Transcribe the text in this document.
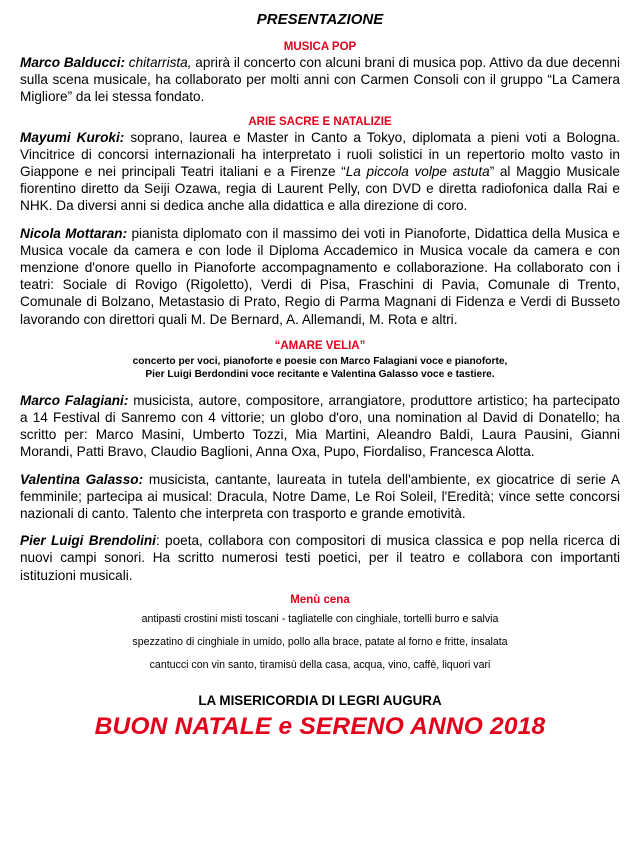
PRESENTAZIONE
MUSICA POP

Marco Balducci: chitarrista, aprirà il concerto con alcuni brani di musica pop. Attivo da due decenni sulla scena musicale, ha collaborato per molti anni con Carmen Consoli con il gruppo “La Camera Migliore” da lei stessa fondato.

ARIE SACRE E NATALIZIE

Mayumi Kuroki: soprano, laurea e Master in Canto a Tokyo, diplomata a pieni voti a Bologna. Vincitrice di concorsi internazionali ha interpretato i ruoli solistici in un repertorio molto vasto in Giappone e nei principali Teatri italiani e a Firenze “La piccola volpe astuta” al Maggio Musicale fiorentino diretto da Seiji Ozawa, regia di Laurent Pelly, con DVD e diretta radiofonica dalla Rai e NHK. Da diversi anni si dedica anche alla didattica e alla direzione di coro.

Nicola Mottaran: pianista diplomato con il massimo dei voti in Pianoforte, Didattica della Musica e Musica vocale da camera e con lode il Diploma Accademico in Musica vocale da camera e con menzione d'onore quello in Pianoforte accompagnamento e collaborazione. Ha collaborato con i teatri: Sociale di Rovigo (Rigoletto), Verdi di Pisa, Fraschini di Pavia, Comunale di Trento, Comunale di Bolzano, Metastasio di Prato, Regio di Parma Magnani di Fidenza e Verdi di Busseto lavorando con direttori quali M. De Bernard, A. Allemandi, M. Rota e altri.

“AMARE VELIA”
concerto per voci, pianoforte e poesie con Marco Falagiani voce e pianoforte,
Pier Luigi Berdondini voce recitante e Valentina Galasso voce e tastiere.

Marco Falagiani: musicista, autore, compositore, arrangiatore, produttore artistico; ha partecipato a 14 Festival di Sanremo con 4 vittorie; un globo d'oro, una nomination al David di Donatello; ha scritto per: Marco Masini, Umberto Tozzi, Mia Martini, Aleandro Baldi, Laura Pausini, Gianni Morandi, Patti Bravo, Claudio Baglioni, Anna Oxa, Pupo, Fiordaliso, Francesca Alotta.

Valentina Galasso: musicista, cantante, laureata in tutela dell'ambiente, ex giocatrice di serie A femminile; partecipa ai musical: Dracula, Notre Dame, Le Roi Soleil, l'Eredità; vince sette concorsi nazionali di canto. Talento che interpreta con trasporto e grande emotività.

Pier Luigi Brendolini: poeta, collabora con compositori di musica classica e pop nella ricerca di nuovi campi sonori. Ha scritto numerosi testi poetici, per il teatro e collabora con importanti istituzioni musicali.

Menù cena
antipasti crostini misti toscani - tagliatelle con cinghiale, tortelli burro e salvia
spezzatino di cinghiale in umido, pollo alla brace, patate al forno e fritte, insalata
cantucci con vin santo, tiramisù della casa, acqua, vino, caffè, liquori vari
LA MISERICORDIA DI LEGRI AUGURA
BUON NATALE e SERENO ANNO 2018
